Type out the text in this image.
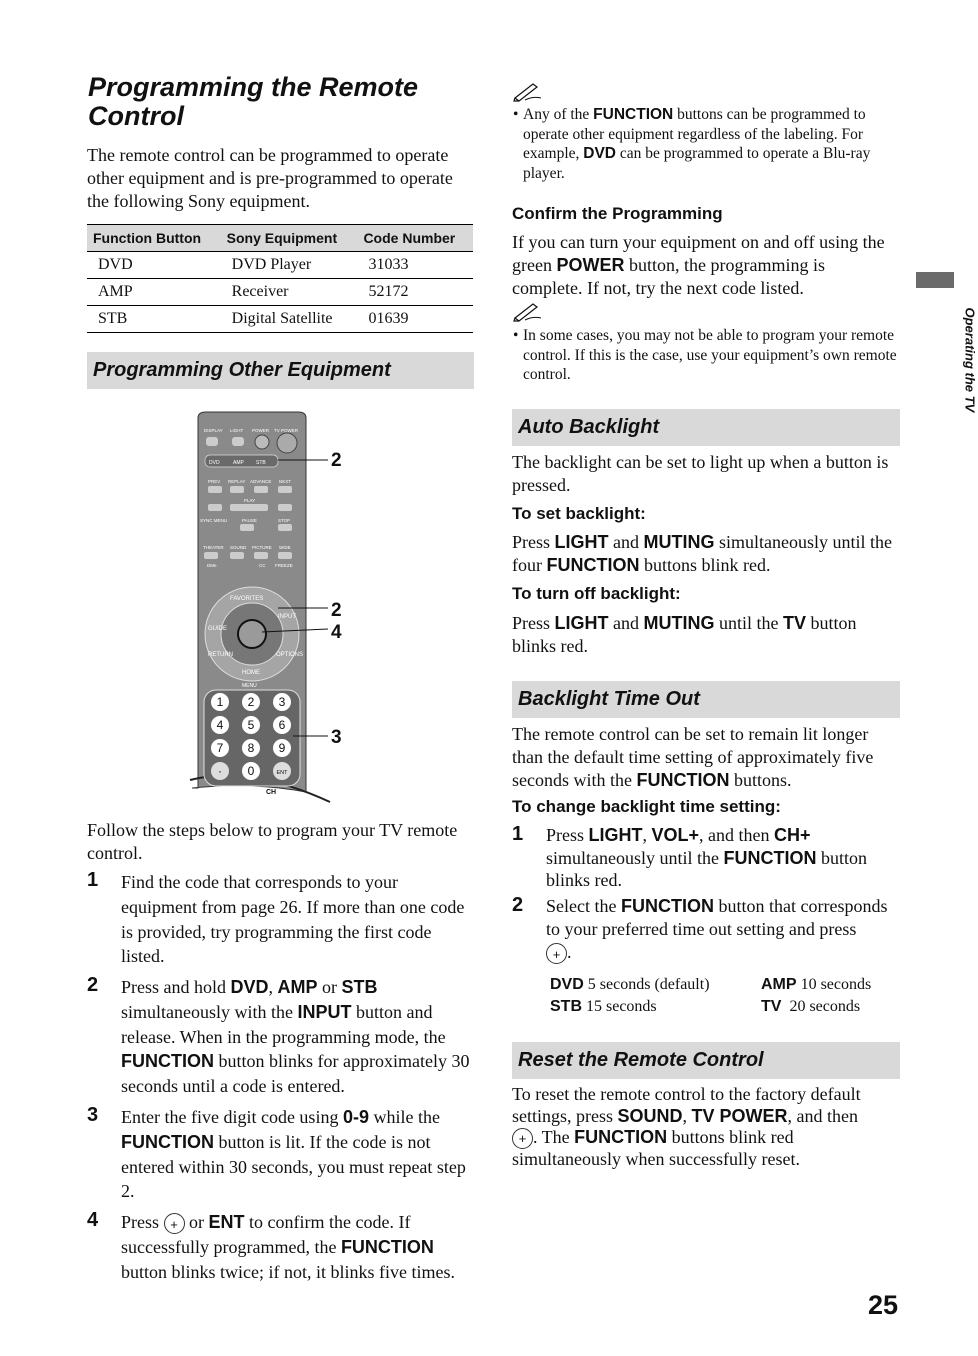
Programming the Remote Control
The remote control can be programmed to operate other equipment and is pre-programmed to operate the following Sony equipment.
Function Button	Sony Equipment	Code Number
DVD	DVD Player	31033
AMP	Receiver	52172
STB	Digital Satellite	01639
Programming Other Equipment
DISPLAY LIGHT POWER TV POWER
DVD	AMP STB
PREV REPLAY ADVANCE NEXT
PLAY
SYNC MENU	PAUSE	STOP
THEATER SOUND PICTURE WIDE
DMe	CC FREEZE
FAVORITES
INPUT
GUIDE
RETURN	OPTIONS
HOME
MENU
1 2 3
4 5 6
7 8 9
· 0	ENT
CH
2
2
4
3
Follow the steps below to program your TV remote control.
1 Find the code that corresponds to your equipment from page 26. If more than one code is provided, try programming the first code listed.
2 Press and hold DVD, AMP or STB simultaneously with the INPUT button and release. When in the programming mode, the FUNCTION button blinks for approximately 30 seconds until a code is entered.
3 Enter the five digit code using 0-9 while the FUNCTION button is lit. If the code is not entered within 30 seconds, you must repeat step 2.
4 Press + or ENT to confirm the code. If successfully programmed, the FUNCTION button blinks twice; if not, it blinks five times.
• Any of the FUNCTION buttons can be programmed to operate other equipment regardless of the labeling. For example, DVD can be programmed to operate a Blu-ray player.
Confirm the Programming
If you can turn your equipment on and off using the green POWER button, the programming is complete. If not, try the next code listed.
• In some cases, you may not be able to program your remote control. If this is the case, use your equipment’s own remote control.
Auto Backlight
The backlight can be set to light up when a button is pressed.
To set backlight:
Press LIGHT and MUTING simultaneously until the four FUNCTION buttons blink red.
To turn off backlight:
Press LIGHT and MUTING until the TV button blinks red.
Backlight Time Out
The remote control can be set to remain lit longer than the default time setting of approximately five seconds with the FUNCTION buttons.
To change backlight time setting:
1 Press LIGHT, VOL+, and then CH+ simultaneously until the FUNCTION button blinks red.
2 Select the FUNCTION button that corresponds to your preferred time out setting and press
+.
DVD 5 seconds (default)	AMP 10 seconds
STB 15 seconds	TV  20 seconds
Reset the Remote Control
To reset the remote control to the factory default settings, press SOUND, TV POWER, and then
+. The FUNCTION buttons blink red simultaneously when successfully reset.
Operating the TV
25
